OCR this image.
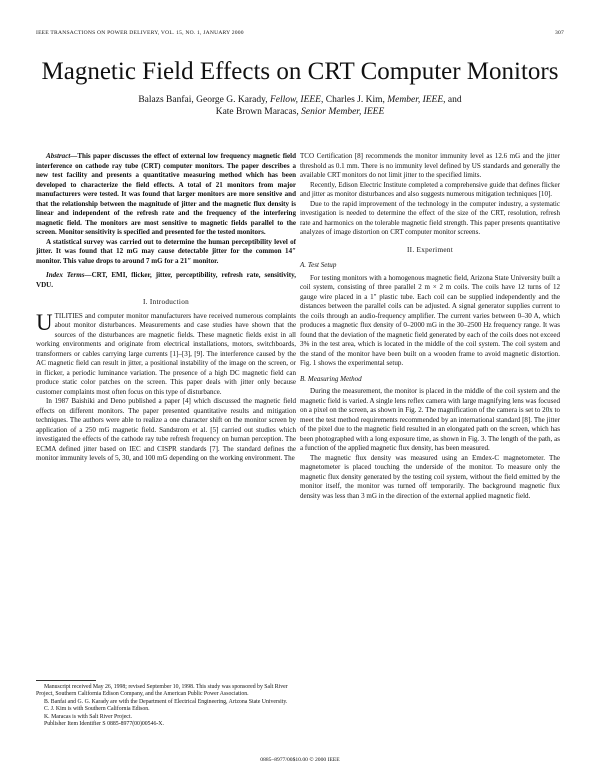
IEEE TRANSACTIONS ON POWER DELIVERY, VOL. 15, NO. 1, JANUARY 2000	307
Magnetic Field Effects on CRT Computer Monitors
Balazs Banfai, George G. Karady, Fellow, IEEE, Charles J. Kim, Member, IEEE, and
Kate Brown Maracas, Senior Member, IEEE

Abstract—This paper discusses the effect of external low frequency magnetic field interference on cathode ray tube (CRT) computer monitors. The paper describes a new test facility and presents a quantitative measuring method which has been developed to characterize the field effects. A total of 21 monitors from major manufacturers were tested. It was found that larger monitors are more sensitive and that the relationship between the magnitude of jitter and the magnetic flux density is linear and independent of the refresh rate and the frequency of the interfering magnetic field. The monitors are most sensitive to magnetic fields parallel to the screen. Monitor sensitivity is specified and presented for the tested monitors.

A statistical survey was carried out to determine the human perceptibility level of jitter. It was found that 12 mG may cause detectable jitter for the common 14″ monitor. This value drops to around 7 mG for a 21″ monitor.

Index Terms—CRT, EMI, flicker, jitter, perceptibility, refresh rate, sensitivity, VDU.

I. Introduction

UTILITIES and computer monitor manufacturers have received numerous complaints about monitor disturbances. Measurements and case studies have shown that the sources of the disturbances are magnetic fields. These magnetic fields exist in all working environments and originate from electrical installations, motors, switchboards, transformers or cables carrying large currents [1]–[3], [9]. The interference caused by the AC magnetic field can result in jitter, a positional instability of the image on the screen, or in flicker, a periodic luminance variation. The presence of a high DC magnetic field can produce static color patches on the screen. This paper deals with jitter only because customer complaints most often focus on this type of disturbance.

In 1987 Baishiki and Deno published a paper [4] which discussed the magnetic field effects on different monitors. The paper presented quantitative results and mitigation techniques. The authors were able to realize a one character shift on the monitor screen by application of a 250 mG magnetic field. Sandstrom et al. [5] carried out studies which investigated the effects of the cathode ray tube refresh frequency on human perception. The ECMA defined jitter based on IEC and CISPR standards [7]. The standard defines the monitor immunity levels of 5, 30, and 100 mG depending on the working environment. The

TCO Certification [8] recommends the monitor immunity level as 12.6 mG and the jitter threshold as 0.1 mm. There is no immunity level defined by US standards and generally the available CRT monitors do not limit jitter to the specified limits.

Recently, Edison Electric Institute completed a comprehensive guide that defines flicker and jitter as monitor disturbances and also suggests numerous mitigation techniques [10].

Due to the rapid improvement of the technology in the computer industry, a systematic investigation is needed to determine the effect of the size of the CRT, resolution, refresh rate and harmonics on the tolerable magnetic field strength. This paper presents quantitative analyzes of image distortion on CRT computer monitor screens.

II. Experiment
A. Test Setup

For testing monitors with a homogenous magnetic field, Arizona State University built a coil system, consisting of three parallel 2 m × 2 m coils. The coils have 12 turns of 12 gauge wire placed in a 1″ plastic tube. Each coil can be supplied independently and the distances between the parallel coils can be adjusted. A signal generator supplies current to the coils through an audio-frequency amplifier. The current varies between 0–30 A, which produces a magnetic flux density of 0–2000 mG in the 30–2500 Hz frequency range. It was found that the deviation of the magnetic field generated by each of the coils does not exceed 3% in the test area, which is located in the middle of the coil system. The coil system and the stand of the monitor have been built on a wooden frame to avoid magnetic distortion. Fig. 1 shows the experimental setup.

B. Measuring Method

During the measurement, the monitor is placed in the middle of the coil system and the magnetic field is varied. A single lens reflex camera with large magnifying lens was focused on a pixel on the screen, as shown in Fig. 2. The magnification of the camera is set to 20x to meet the test method requirements recommended by an international standard [8]. The jitter of the pixel due to the magnetic field resulted in an elongated path on the screen, which has been photographed with a long exposure time, as shown in Fig. 3. The length of the path, as a function of the applied magnetic flux density, has been measured.

The magnetic flux density was measured using an Emdex-C magnetometer. The magnetometer is placed touching the underside of the monitor. To measure only the magnetic flux density generated by the testing coil system, without the field emitted by the monitor itself, the monitor was turned off temporarily. The background magnetic flux density was less than 3 mG in the direction of the external applied magnetic field.

Manuscript received May 26, 1998; revised September 10, 1998. This study was sponsored by Salt River Project, Southern California Edison Company, and the American Public Power Association.

B. Banfai and G. G. Karady are with the Department of Electrical Engineering, Arizona State University.

C. J. Kim is with Southern California Edison.

K. Maracas is with Salt River Project.

Publisher Item Identifier S 0885-8977(00)00546-X.

0885–8977/00$10.00 © 2000 IEEE
